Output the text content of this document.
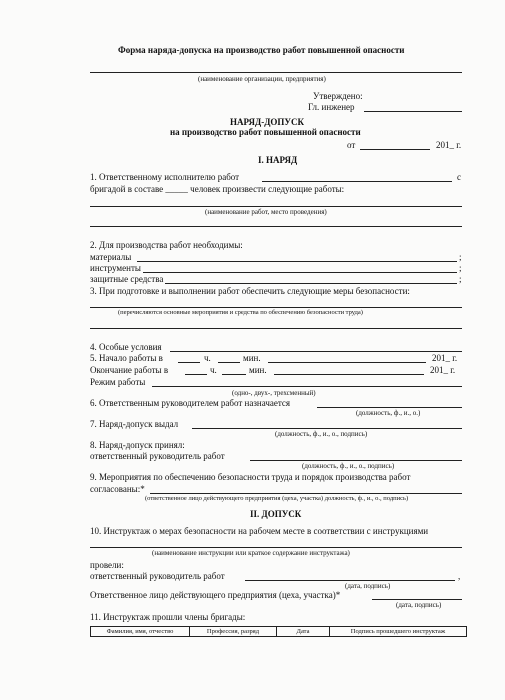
Форма наряда-допуска на производство работ повышенной опасности
(наименование организации, предприятия)
Утверждено:
Гл. инженер
НАРЯД-ДОПУСК
на производство работ повышенной опасности
от	201_ г.
I. НАРЯД
1. Ответственному исполнителю работ	с
бригадой в составе _____ человек произвести следующие работы:
(наименование работ, место проведения)
2. Для производства работ необходимы:
материалы	;
инструменты	;
защитные средства	;
3. При подготовке и выполнении работ обеспечить следующие меры безопасности:
(перечисляются основные мероприятия и средства по обеспечению безопасности труда)
4. Особые условия
5. Начало работы в	ч.	мин.	201_ г.
Окончание работы в	ч.	мин.	201_ г.
Режим работы
(одно-, двух-, трехсменный)
6. Ответственным руководителем работ назначается
(должность, ф., и., о.)
7. Наряд-допуск выдал
(должность, ф., и., о., подпись)
8. Наряд-допуск принял:
ответственный руководитель работ
(должность, ф., и., о., подпись)
9. Мероприятия по обеспечению безопасности труда и порядок производства работ
согласованы:*
(ответственное лицо действующего предприятия (цеха, участка) должность, ф., и., о., подпись)
II. ДОПУСК
10. Инструктаж о мерах безопасности на рабочем месте в соответствии с инструкциями
(наименование инструкции или краткое содержание инструктажа)
провели:
ответственный руководитель работ	,
(дата, подпись)
Ответственное лицо действующего предприятия (цеха, участка)*
(дата, подпись)
11. Инструктаж прошли члены бригады:
Фамилия, имя, отчество	Профессия, разряд	Дата	Подпись прошедшего инструктаж
